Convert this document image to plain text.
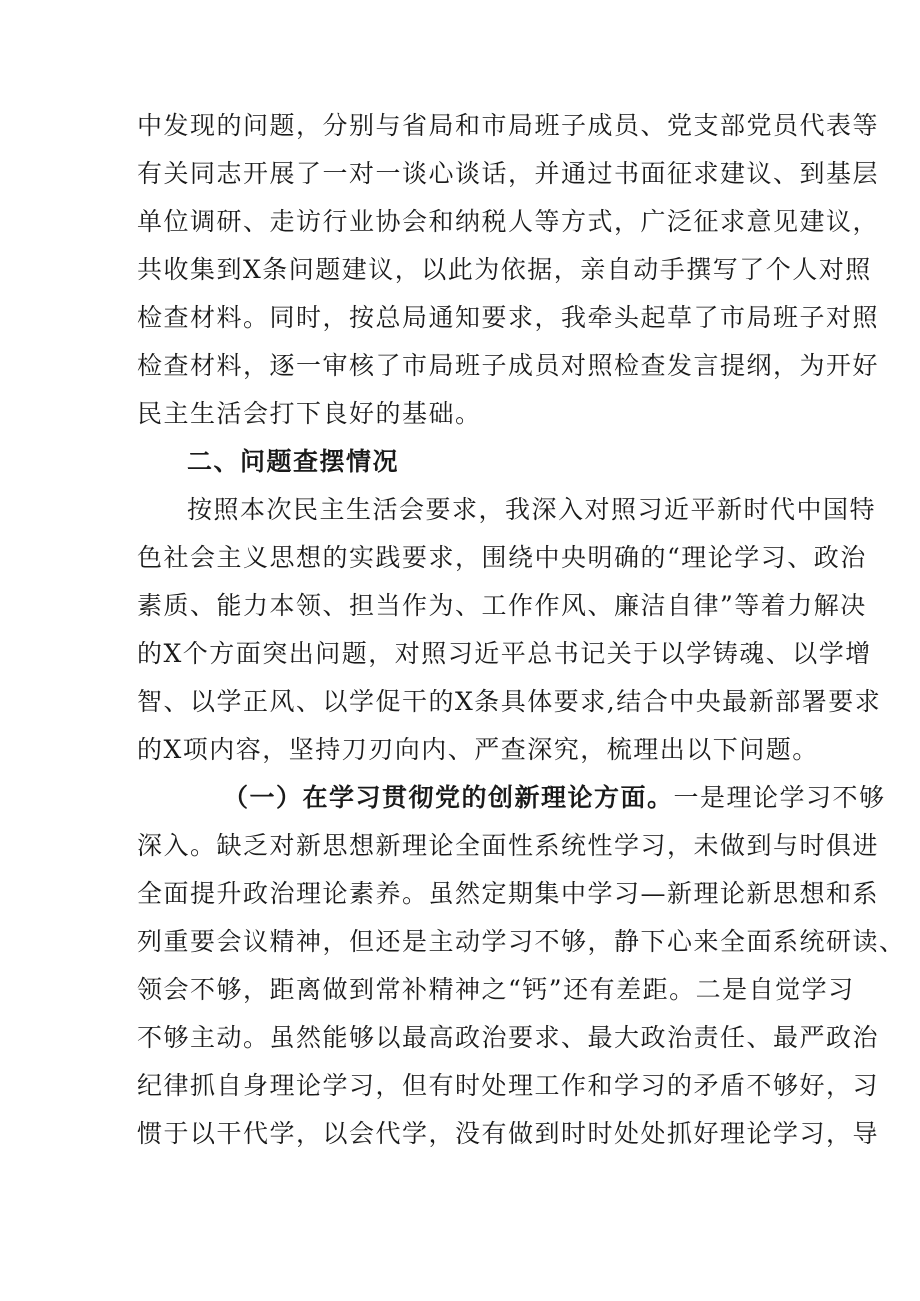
中发现的问题，分别与省局和市局班子成员、党支部党员代表等
有关同志开展了一对一谈心谈话，并通过书面征求建议、到基层
单位调研、走访行业协会和纳税人等方式，广泛征求意见建议，
共收集到X条问题建议，以此为依据，亲自动手撰写了个人对照
检查材料。同时，按总局通知要求，我牵头起草了市局班子对照
检查材料，逐一审核了市局班子成员对照检查发言提纲，为开好
民主生活会打下良好的基础。
二、问题查摆情况
按照本次民主生活会要求，我深入对照习近平新时代中国特
色社会主义思想的实践要求，围绕中央明确的“理论学习、政治
素质、能力本领、担当作为、工作作风、廉洁自律”等着力解决
的X个方面突出问题，对照习近平总书记关于以学铸魂、以学增
智、以学正风、以学促干的X条具体要求,结合中央最新部署要求
的X项内容，坚持刀刃向内、严查深究，梳理出以下问题。
（一）在学习贯彻党的创新理论方面。一是理论学习不够
深入。缺乏对新思想新理论全面性系统性学习，未做到与时俱进
全面提升政治理论素养。虽然定期集中学习—新理论新思想和系
列重要会议精神，但还是主动学习不够，静下心来全面系统研读、
领会不够，距离做到常补精神之“钙”还有差距。二是自觉学习
不够主动。虽然能够以最高政治要求、最大政治责任、最严政治
纪律抓自身理论学习，但有时处理工作和学习的矛盾不够好，习
惯于以干代学，以会代学，没有做到时时处处抓好理论学习，导
